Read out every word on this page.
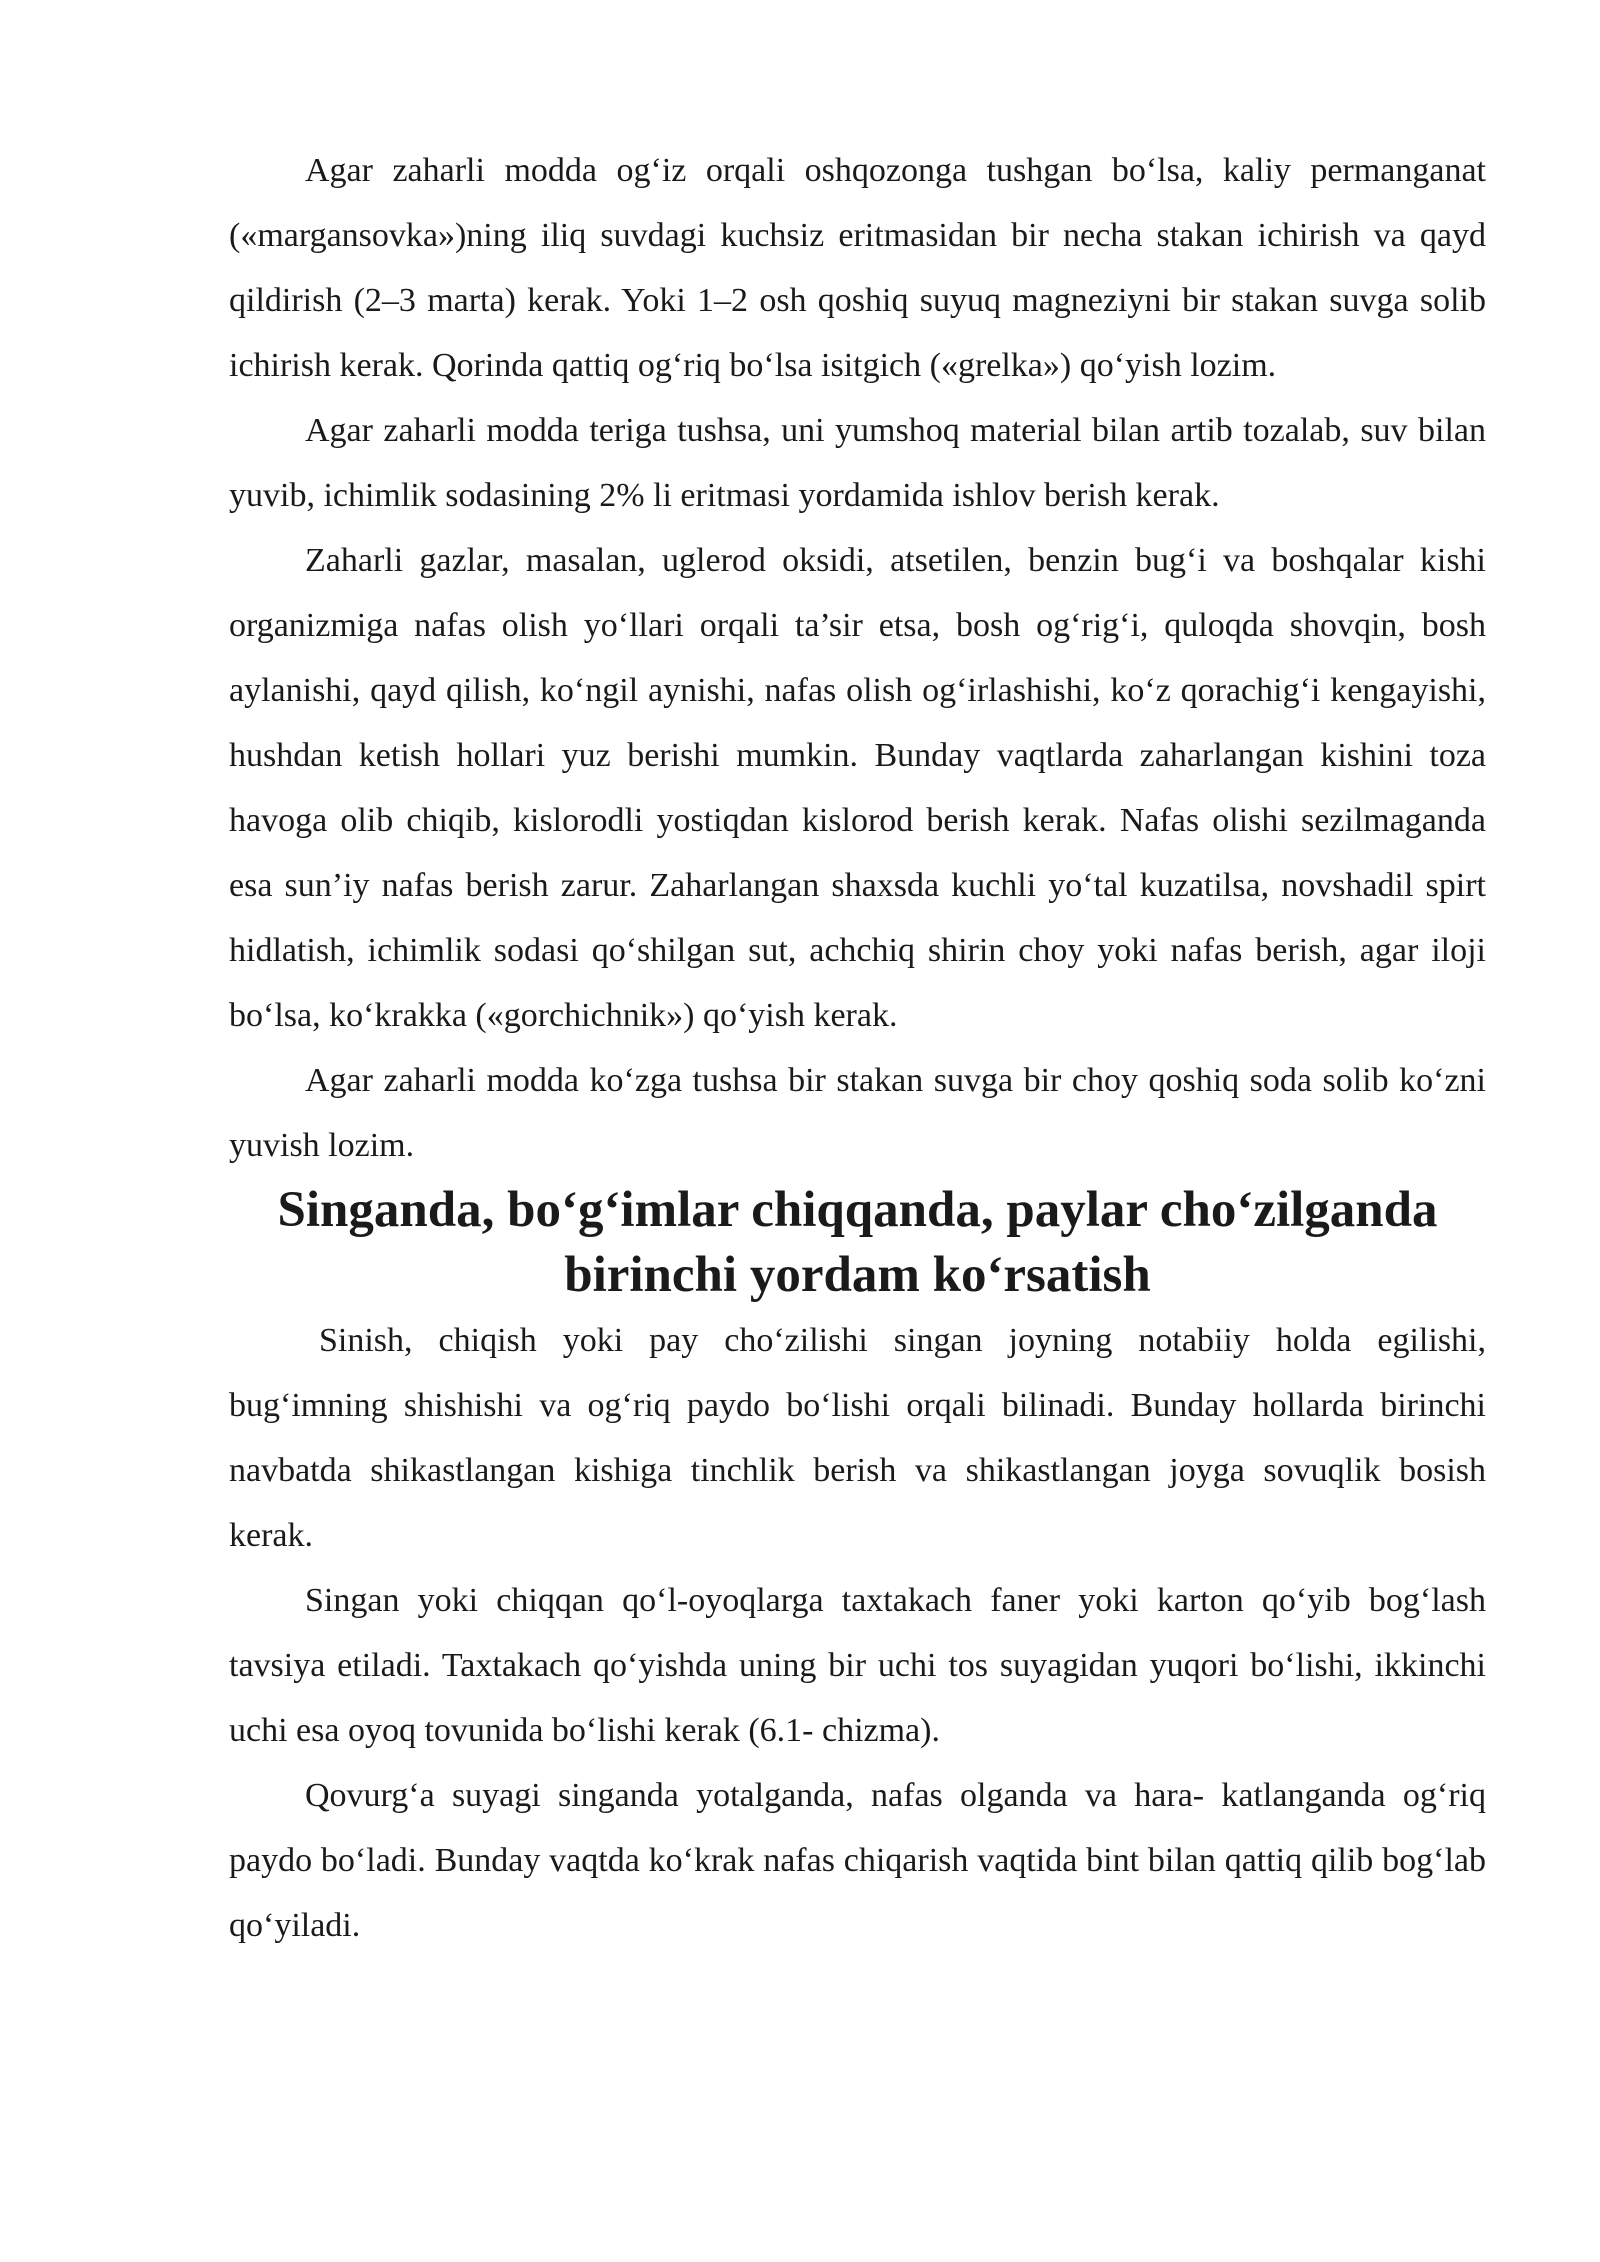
Agar zaharli modda og‘iz orqali oshqozonga tushgan bo‘lsa, kaliy permanganat («margansovka»)ning iliq suvdagi kuchsiz eritmasidan bir necha stakan ichirish va qayd qildirish (2–3 marta) kerak. Yoki 1–2 osh qoshiq suyuq magneziyni bir stakan suvga solib ichirish kerak. Qorinda qattiq og‘riq bo‘lsa isitgich («grelka») qo‘yish lozim.

Agar zaharli modda teriga tushsa, uni yumshoq material bilan artib tozalab, suv bilan yuvib, ichimlik sodasining 2% li eritmasi yordamida ishlov berish kerak.

Zaharli gazlar, masalan, uglerod oksidi, atsetilen, benzin bug‘i va boshqalar kishi organizmiga nafas olish yo‘llari orqali ta’sir etsa, bosh og‘rig‘i, quloqda shovqin, bosh aylanishi, qayd qilish, ko‘ngil aynishi, nafas olish og‘irlashishi, ko‘z qorachig‘i kengayishi, hushdan ketish hollari yuz berishi mumkin. Bunday vaqtlarda zaharlangan kishini toza havoga olib chiqib, kislorodli yostiqdan kislorod berish kerak. Nafas olishi sezilmaganda esa sun’iy nafas berish zarur. Zaharlangan shaxsda kuchli yo‘tal kuzatilsa, novshadil spirt hidlatish, ichimlik sodasi qo‘shilgan sut, achchiq shirin choy yoki nafas berish, agar iloji bo‘lsa, ko‘krakka («gorchichnik») qo‘yish kerak.

Agar zaharli modda ko‘zga tushsa bir stakan suvga bir choy qoshiq soda solib ko‘zni yuvish lozim.

Singanda, bo‘g‘imlar chiqqanda, paylar cho‘zilganda birinchi yordam ko‘rsatish

Sinish, chiqish yoki pay cho‘zilishi singan joyning notabiiy holda egilishi, bug‘imning shishishi va og‘riq paydo bo‘lishi orqali bilinadi. Bunday hollarda birinchi navbatda shikastlangan kishiga tinchlik berish va shikastlangan joyga sovuqlik bosish kerak.

Singan yoki chiqqan qo‘l-oyoqlarga taxtakach faner yoki karton qo‘yib bog‘lash tavsiya etiladi. Taxtakach qo‘yishda uning bir uchi tos suyagidan yuqori bo‘lishi, ikkinchi uchi esa oyoq tovunida bo‘lishi kerak (6.1- chizma).

Qovurg‘a suyagi singanda yotalganda, nafas olganda va hara- katlanganda og‘riq paydo bo‘ladi. Bunday vaqtda ko‘krak nafas chiqarish vaqtida bint bilan qattiq qilib bog‘lab qo‘yiladi.
